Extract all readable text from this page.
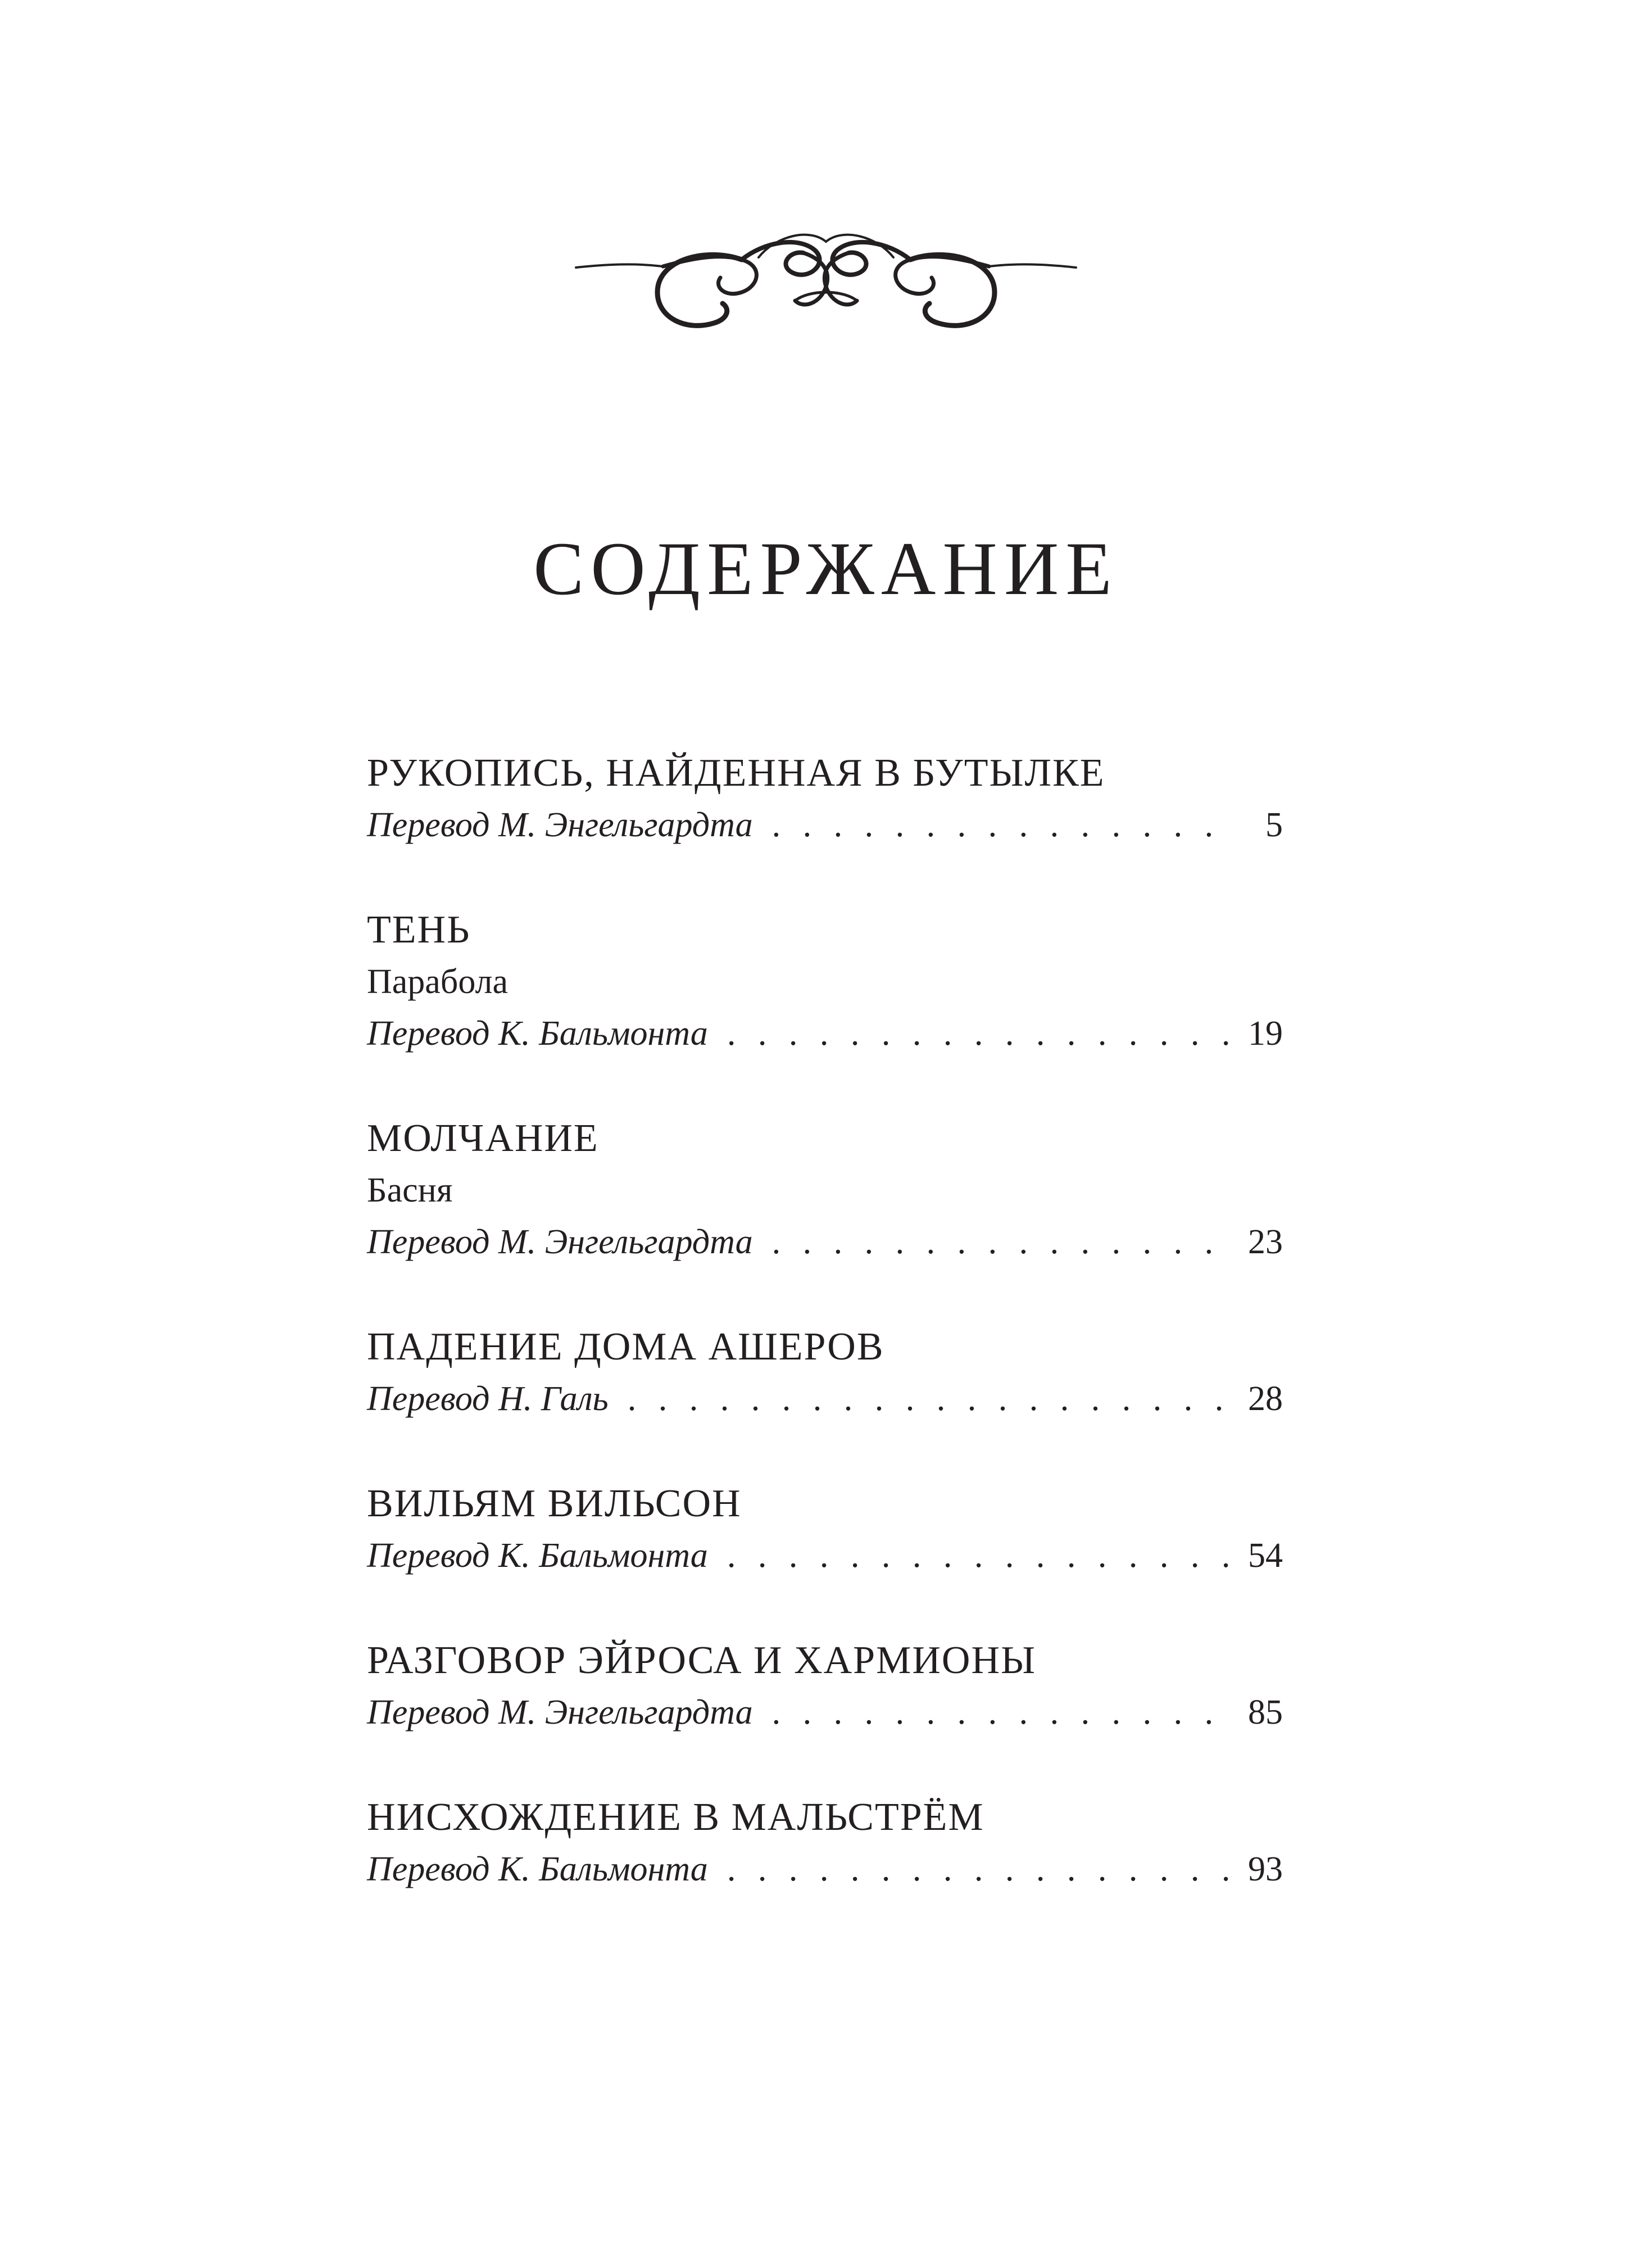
СОДЕРЖАНИЕ
РУКОПИСЬ, НАЙДЕННАЯ В БУТЫЛКЕ
Перевод М. Энгельгардта . . .	5
ТЕНЬ
Парабола
Перевод К. Бальмонта . . .	19
МОЛЧАНИЕ
Басня
Перевод М. Энгельгардта . . .	23
ПАДЕНИЕ ДОМА АШЕРОВ
Перевод Н. Галь . . .	28
ВИЛЬЯМ ВИЛЬСОН
Перевод К. Бальмонта . . .	54
РАЗГОВОР ЭЙРОСА И ХАРМИОНЫ
Перевод М. Энгельгардта . . .	85
НИСХОЖДЕНИЕ В МАЛЬСТРЁМ
Перевод К. Бальмонта . . .	93
